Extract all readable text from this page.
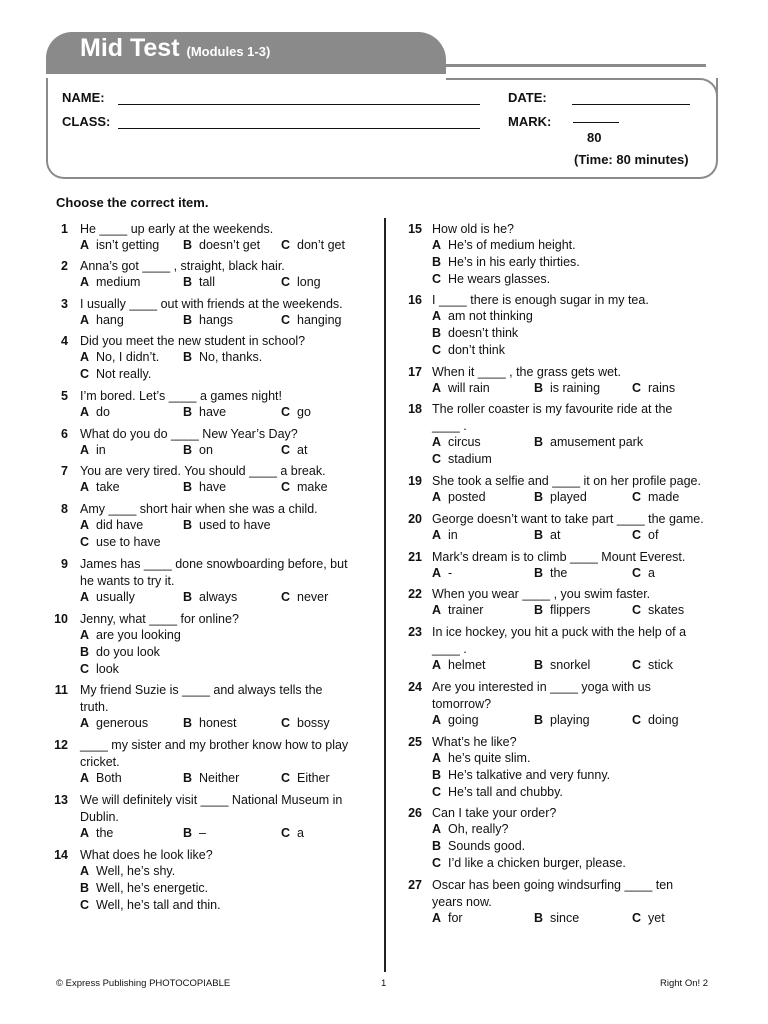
Mid Test (Modules 1-3)
NAME:	DATE:
CLASS:	MARK:
80
(Time: 80 minutes)
Choose the correct item.
1 He ____ up early at the weekends.
A isn’t getting B doesn’t get C don’t get
2 Anna’s got ____ , straight, black hair.
A medium	B tall	C long
3 I usually ____ out with friends at the weekends.
A hang	B hangs	C hanging
4 Did you meet the new student in school?
A No, I didn’t. B No, thanks.
C Not really.
5 I’m bored. Let’s ____ a games night!
A do	B have	C go
6 What do you do ____ New Year’s Day?
A in	B on	C at
7 You are very tired. You should ____ a break.
A take	B have	C make
8 Amy ____ short hair when she was a child.
A did have	B used to have
C use to have
9 James has ____ done snowboarding before, but
he wants to try it.
A usually	B always	C never
10 Jenny, what ____ for online?
A are you looking
B do you look
C look
11 My friend Suzie is ____ and always tells the
truth.
A generous	B honest	C bossy
12 ____ my sister and my brother know how to play
cricket.
A Both	B Neither	C Either
13 We will definitely visit ____ National Museum in
Dublin.
A the	B –	C a
14 What does he look like?
A Well, he’s shy.
B Well, he’s energetic.
C Well, he’s tall and thin.
15 How old is he?
A He’s of medium height.
B He’s in his early thirties.
C He wears glasses.
16 I ____ there is enough sugar in my tea.
A am not thinking
B doesn’t think
C don’t think
17 When it ____ , the grass gets wet.
A will rain	B is raining	C rains
18 The roller coaster is my favourite ride at the
____ .
A circus	B amusement park
C stadium
19 She took a selfie and ____ it on her profile page.
A posted	B played	C made
20 George doesn’t want to take part ____ the game.
A in	B at	C of
21 Mark’s dream is to climb ____ Mount Everest.
A -	B the	C a
22 When you wear ____ , you swim faster.
A trainer	B flippers	C skates
23 In ice hockey, you hit a puck with the help of a
____ .
A helmet	B snorkel	C stick
24 Are you interested in ____ yoga with us
tomorrow?
A going	B playing	C doing
25 What’s he like?
A he’s quite slim.
B He’s talkative and very funny.
C He’s tall and chubby.
26 Can I take your order?
A Oh, really?
B Sounds good.
C I’d like a chicken burger, please.
27 Oscar has been going windsurfing ____ ten
years now.
A for	B since	C yet
© Express Publishing PHOTOCOPIABLE	1	Right On! 2
